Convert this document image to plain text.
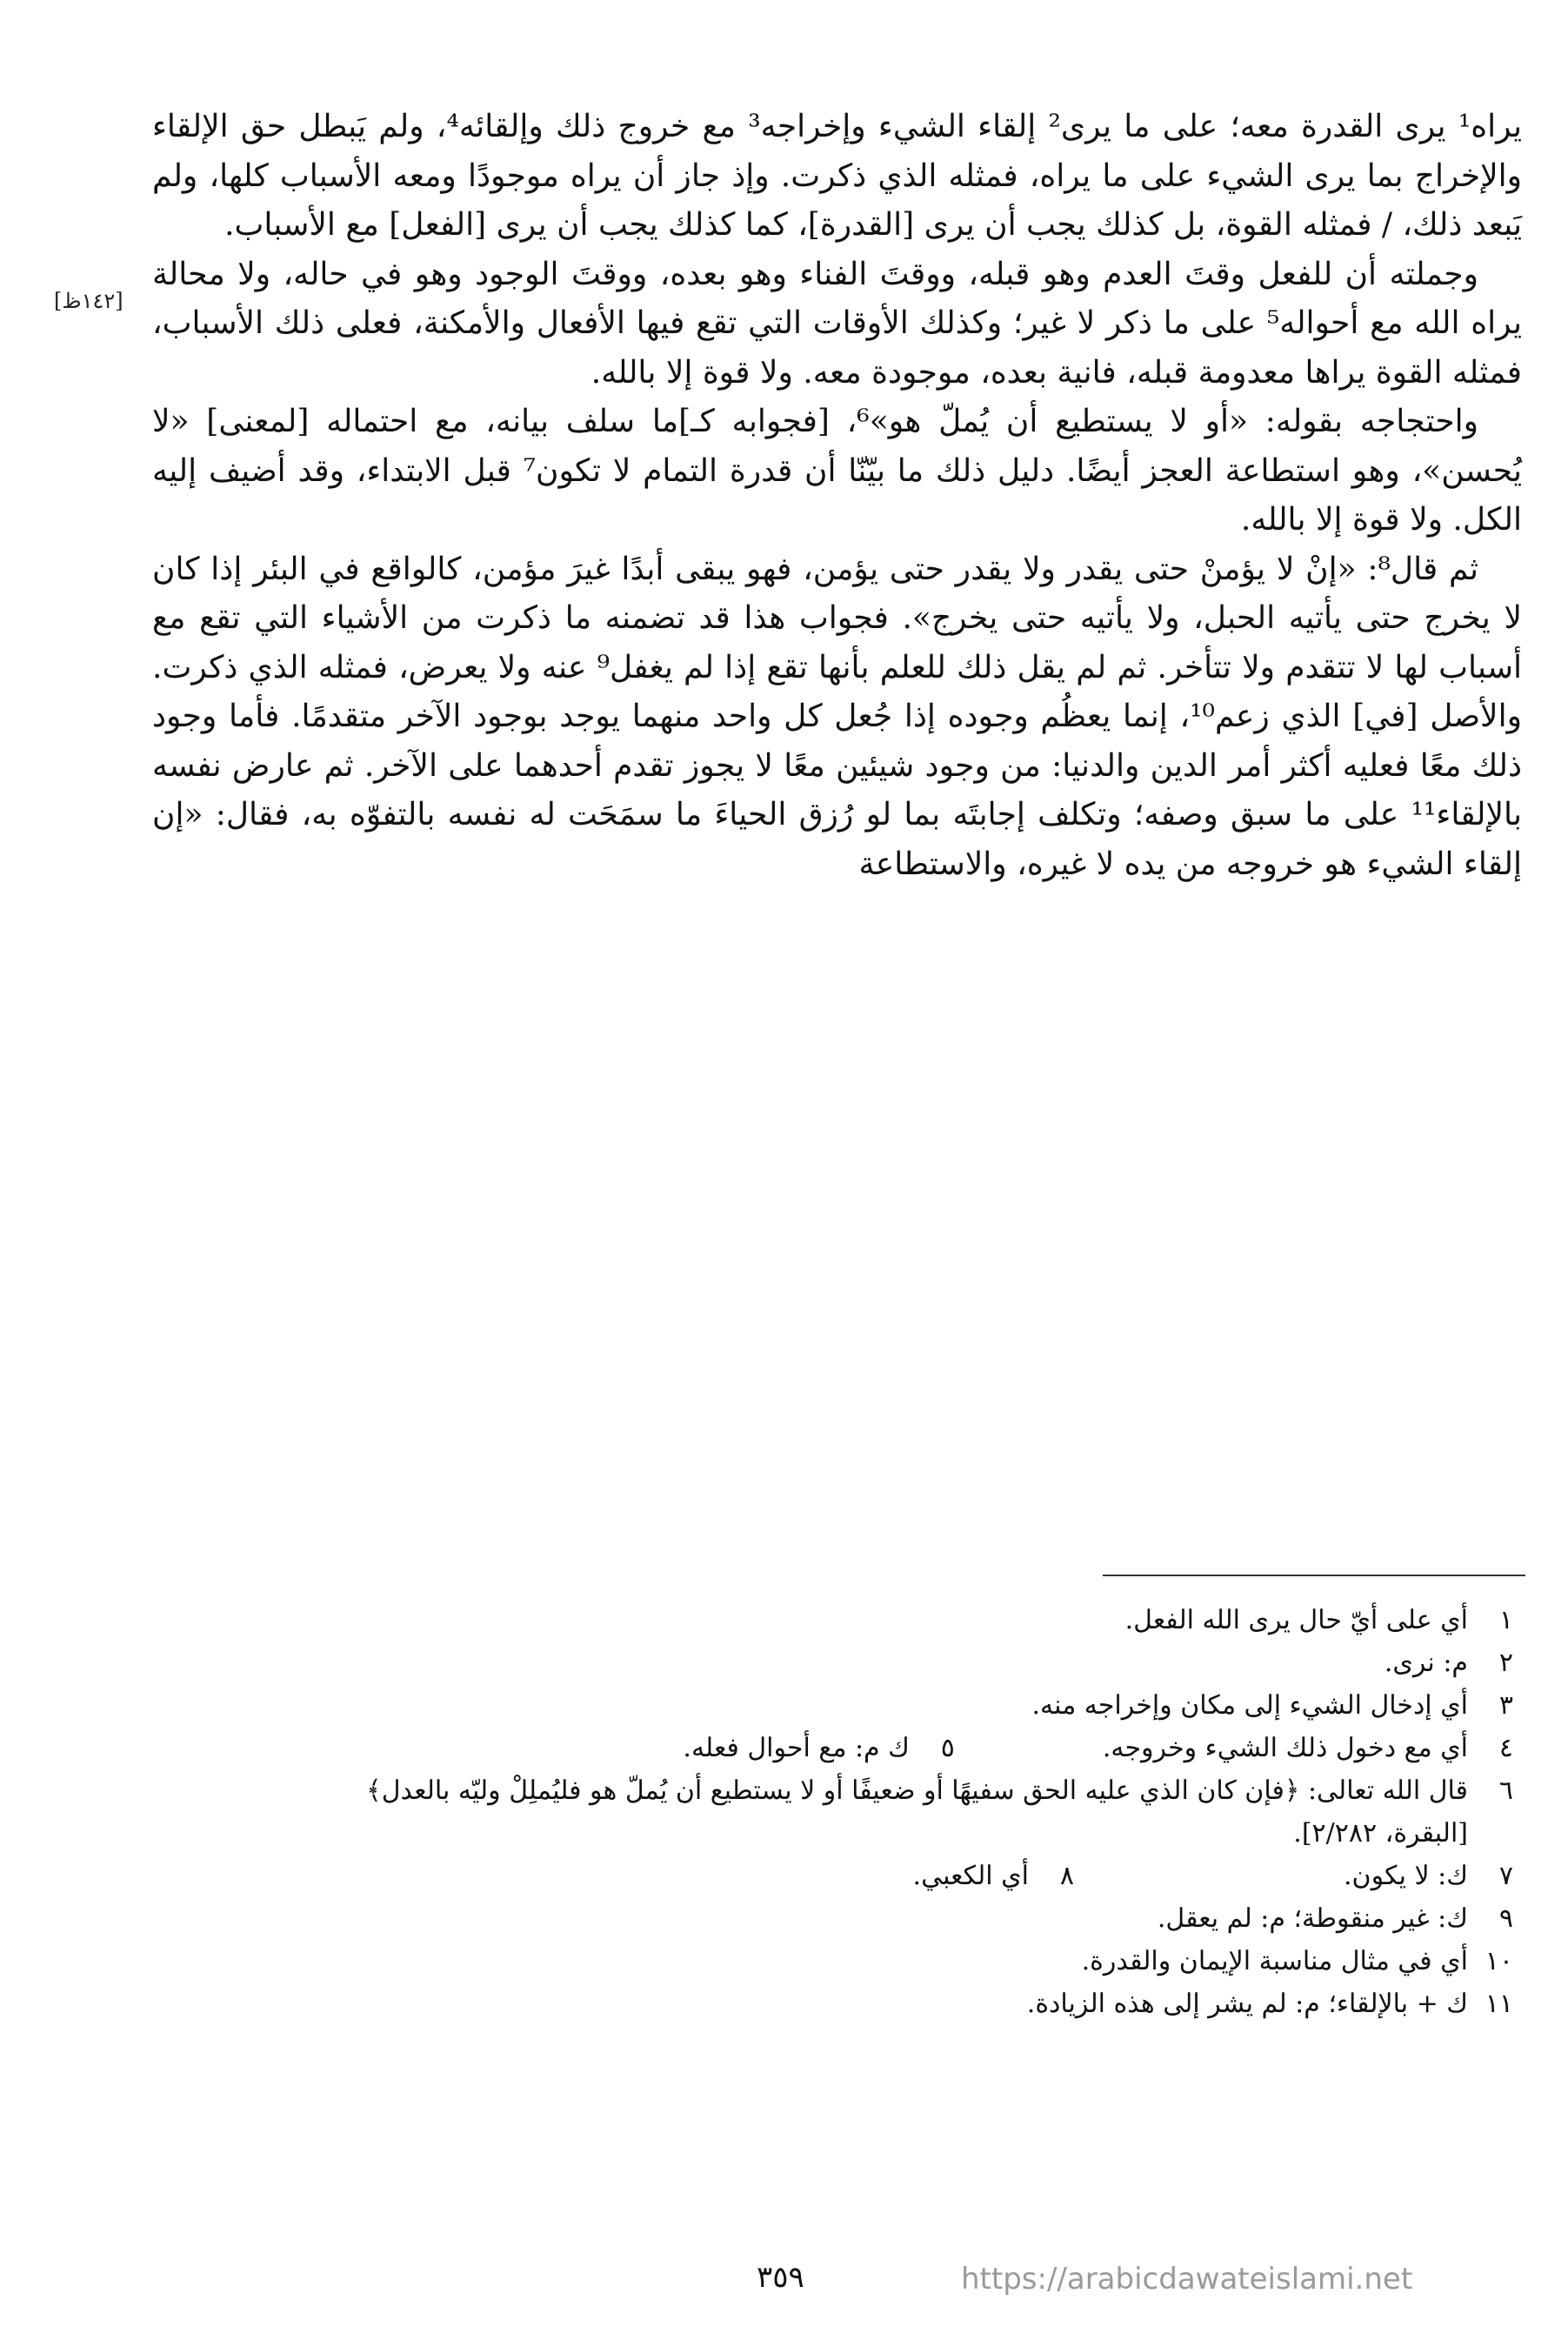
يراه¹ يرى القدرة معه؛ على ما يرى² إلقاء الشيء وإخراجه³ مع خروج ذلك وإلقائه⁴، ولم يَبطل حق الإلقاء والإخراج بما يرى الشيء على ما يراه، فمثله الذي ذكرت. وإذ جاز أن يراه موجودًا ومعه الأسباب كلها، ولم يَبعد ذلك، / فمثله القوة، بل كذلك يجب أن يرى [القدرة]، كما كذلك يجب أن يرى [الفعل] مع الأسباب.

وجملته أن للفعل وقتَ العدم وهو قبله، ووقتَ الفناء وهو بعده، ووقتَ الوجود وهو في حاله، ولا محالة يراه الله مع أحواله⁵ على ما ذكر لا غير؛ وكذلك الأوقات التي تقع فيها الأفعال والأمكنة، فعلى ذلك الأسباب، فمثله القوة يراها معدومة قبله، فانية بعده، موجودة معه. ولا قوة إلا بالله.

واحتجاجه بقوله: «أو لا يستطيع أن يُملّ هو»⁶، [فجوابه كـ]ما سلف بيانه، مع احتماله [لمعنى] «لا يُحسن»، وهو استطاعة العجز أيضًا. دليل ذلك ما بيّنّا أن قدرة التمام لا تكون⁷ قبل الابتداء، وقد أضيف إليه الكل. ولا قوة إلا بالله.

ثم قال⁸: «إنْ لا يؤمنْ حتى يقدر ولا يقدر حتى يؤمن، فهو يبقى أبدًا غيرَ مؤمن، كالواقع في البئر إذا كان لا يخرج حتى يأتيه الحبل، ولا يأتيه حتى يخرج». فجواب هذا قد تضمنه ما ذكرت من الأشياء التي تقع مع أسباب لها لا تتقدم ولا تتأخر. ثم لم يقل ذلك للعلم بأنها تقع إذا لم يغفل⁹ عنه ولا يعرض، فمثله الذي ذكرت. والأصل [في] الذي زعم¹⁰، إنما يعظُم وجوده إذا جُعل كل واحد منهما يوجد بوجود الآخر متقدمًا. فأما وجود ذلك معًا فعليه أكثر أمر الدين والدنيا: من وجود شيئين معًا لا يجوز تقدم أحدهما على الآخر. ثم عارض نفسه بالإلقاء¹¹ على ما سبق وصفه؛ وتكلف إجابتَه بما لو رُزق الحياءَ ما سمَحَت له نفسه بالتفوّه به، فقال: «إن إلقاء الشيء هو خروجه من يده لا غيره، والاستطاعة

[١٤٢ظ]
١
أي على أيّ حال يرى الله الفعل.
٢
م: نرى.
٣
أي إدخال الشيء إلى مكان وإخراجه منه.
٤
أي مع دخول ذلك الشيء وخروجه.
٥
ك م: مع أحوال فعله.
٦
قال الله تعالى: ﴿فإن كان الذي عليه الحق سفيهًا أو ضعيفًا أو لا يستطيع أن يُملّ هو فليُملِلْ وليّه بالعدل﴾
[البقرة، ٢/٢٨٢].
٧
ك: لا يكون.
٨
أي الكعبي.
٩
ك: غير منقوطة؛ م: لم يعقل.
١٠
أي في مثال مناسبة الإيمان والقدرة.
١١
ك + بالإلقاء؛ م: لم يشر إلى هذه الزيادة.
٣٥٩	https://arabicdawateislami.net
